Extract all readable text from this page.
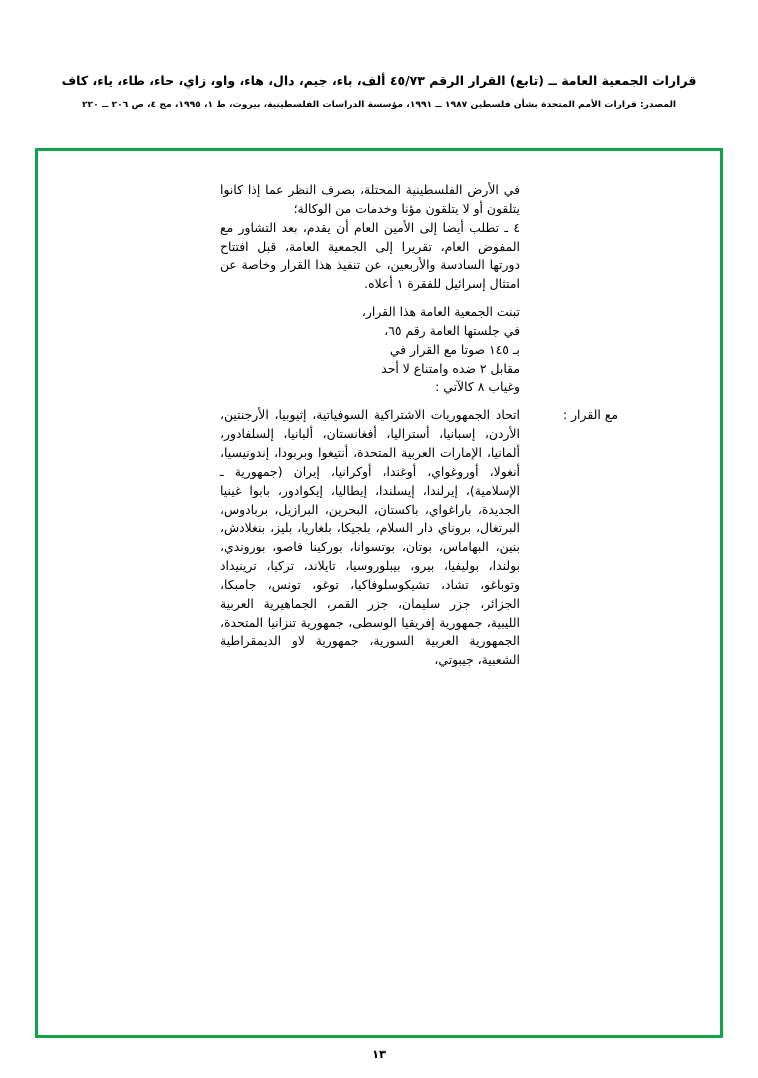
قرارات الجمعية العامة ــ (تابع) القرار الرقم ٤٥/٧٣ ألف، باء، جيم، دال، هاء، واو، زاي، حاء، طاء، ياء، كاف
المصدر: قرارات الأمم المتحدة بشأن فلسطين ١٩٨٧ ــ ١٩٩١، مؤسسة الدراسات الفلسطينية، بيروت، ط ١، ١٩٩٥، مج ٤، ص ٢٠٦ ــ ٢٢٠

في الأرض الفلسطينية المحتلة، بصرف النظر عما إذا كانوا يتلقون أو لا يتلقون مؤنا وخدمات من الوكالة؛

٤ ـ تطلب أيضا إلى الأمين العام أن يقدم، بعد التشاور مع المفوض العام، تقريرا إلى الجمعية العامة، قبل افتتاح دورتها السادسة والأربعين، عن تنفيذ هذا القرار وخاصة عن امتثال إسرائيل للفقرة ١ أعلاه.

تبنت الجمعية العامة هذا القرار،
في جلستها العامة رقم ٦٥،
بـ ١٤٥ صوتا مع القرار في
مقابل ٢ ضده وامتناع لا أحد
وغياب ٨ كالآتي :
مع القرار :
اتحاد الجمهوريات الاشتراكية السوفياتية، إثيوبيا، الأرجنتين، الأردن، إسبانيا، أستراليا، أفغانستان، ألبانيا، إلسلفادور، ألمانيا، الإمارات العربية المتحدة، أنتيغوا وبربودا، إندونيسيا، أنغولا، أوروغواي، أوغندا، أوكرانيا، إيران (جمهورية ـ الإسلامية)، إيرلندا، إيسلندا، إيطاليا، إيكوادور، بابوا غينيا الجديدة، باراغواي، باكستان، البحرين، البرازيل، بربادوس، البرتغال، بروناي دار السلام، بلجيكا، بلغاريا، بليز، بنغلادش، بنين، البهاماس، بوتان، بوتسوانا، بوركينا فاصو، بوروندي، بولندا، بوليفيا، بيرو، بيبلوروسيا، تايلاند، تركيا، ترينيداد وتوباغو، تشاد، تشيكوسلوفاكيا، توغو، تونس، جامبكا، الجزائر، جزر سليمان، جزر القمر، الجماهيرية العربية الليبية، جمهورية إفريقيا الوسطى، جمهورية تنزانيا المتحدة، الجمهورية العربية السورية، جمهورية لاو الديمقراطية الشعبية، جيبوتي،
١٣
